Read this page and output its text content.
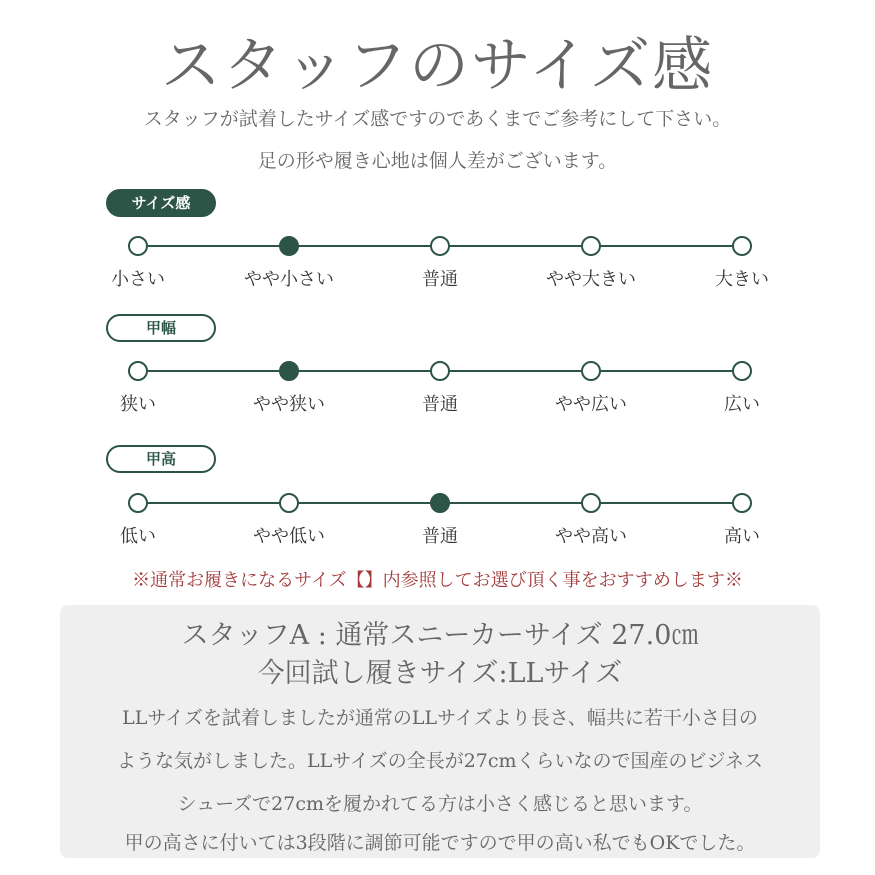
スタッフのサイズ感
スタッフが試着したサイズ感ですのであくまでご参考にして下さい。
足の形や履き心地は個人差がございます。
サイズ感
小さい	やや小さい	普通	やや大きい	大きい
甲幅
狭い	やや狭い	普通	やや広い	広い
甲高
低い	やや低い	普通	やや高い	高い
※通常お履きになるサイズ【】内参照してお選び頂く事をおすすめします※
スタッフA : 通常スニーカーサイズ 27.0㎝
今回試し履きサイズ:LLサイズ
LLサイズを試着しましたが通常のLLサイズより長さ、幅共に若干小さ目の
ような気がしました。LLサイズの全長が27cmくらいなので国産のビジネス
シューズで27cmを履かれてる方は小さく感じると思います。
甲の高さに付いては3段階に調節可能ですので甲の高い私でもOKでした。
